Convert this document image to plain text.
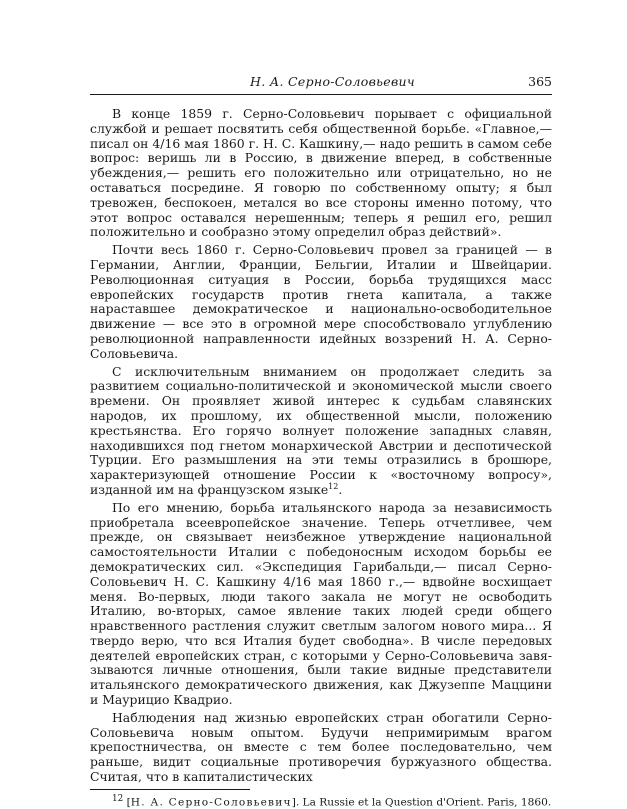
Н. А. Серно-Соловьевич	365

В конце 1859 г. Серно-Соловьевич порывает с официальной службой и решает посвятить себя общественной борьбе. «Главное,— писал он 4/16 мая 1860 г. Н. С. Кашкину,— надо решить в самом себе вопрос: веришь ли в Россию, в движение вперед, в собственные убеждения,— решить его положительно или отрицательно, но не оставаться посредине. Я говорю по собственному опыту; я был тревожен, беспокоен, метался во все стороны именно потому, что этот вопрос оставался нерешенным; теперь я решил его, решил положительно и сообразно этому определил образ действий».

Почти весь 1860 г. Серно-Соловьевич провел за границей — в Германии, Англии, Франции, Бельгии, Италии и Швейцарии. Революционная ситуация в России, борьба трудящихся масс европейских государств против гнета капитала, а также нараставшее демократическое и национально-освободительное движение — все это в огромной мере способствовало углублению революционной направленности идейных воззрений Н. А. Серно-Соловьевича.

С исключительным вниманием он продолжает следить за развитием социально-политической и экономической мысли своего времени. Он проявляет живой интерес к судьбам славянских народов, их прошлому, их общественной мысли, положению крестьянства. Его горячо волнует положение западных славян, находившихся под гнетом монархической Австрии и деспотической Турции. Его размышления на эти темы отразились в брошюре, характеризующей отношение России к «восточному вопросу», изданной им на французском языке$^{12}$.

По его мнению, борьба итальянского народа за независимость приобретала всеевропейское значение. Теперь отчетливее, чем прежде, он связывает неизбежное утверждение национальной самостоятельности Италии с победоносным исходом борьбы ее демократических сил. «Экспедиция Гарибальди,— писал Серно-Соловьевич Н. С. Кашкину 4/16 мая 1860 г.,— вдвойне восхищает меня. Во-первых, люди такого закала не могут не освободить Италию, во-вторых, самое явление таких людей среди общего нравственного растления служит светлым залогом нового мира... Я твердо верю, что вся Италия будет свободна». В числе передовых деятелей европейских стран, с которыми у Серно-Соловьевича завязываются личные отношения, были такие видные представители итальянского демократического движения, как Джузеппе Маццини и Маурицио Квадрио.

Наблюдения над жизнью европейских стран обогатили Серно-Соловьевича новым опытом. Будучи непримиримым врагом крепостничества, он вместе с тем более последовательно, чем раньше, видит социальные противоречия буржуазного общества. Считая, что в капиталистических

$^{12}$ [Н. А. Серно-Соловьевич]. La Russie et la Question d'Orient. Paris, 1860.
